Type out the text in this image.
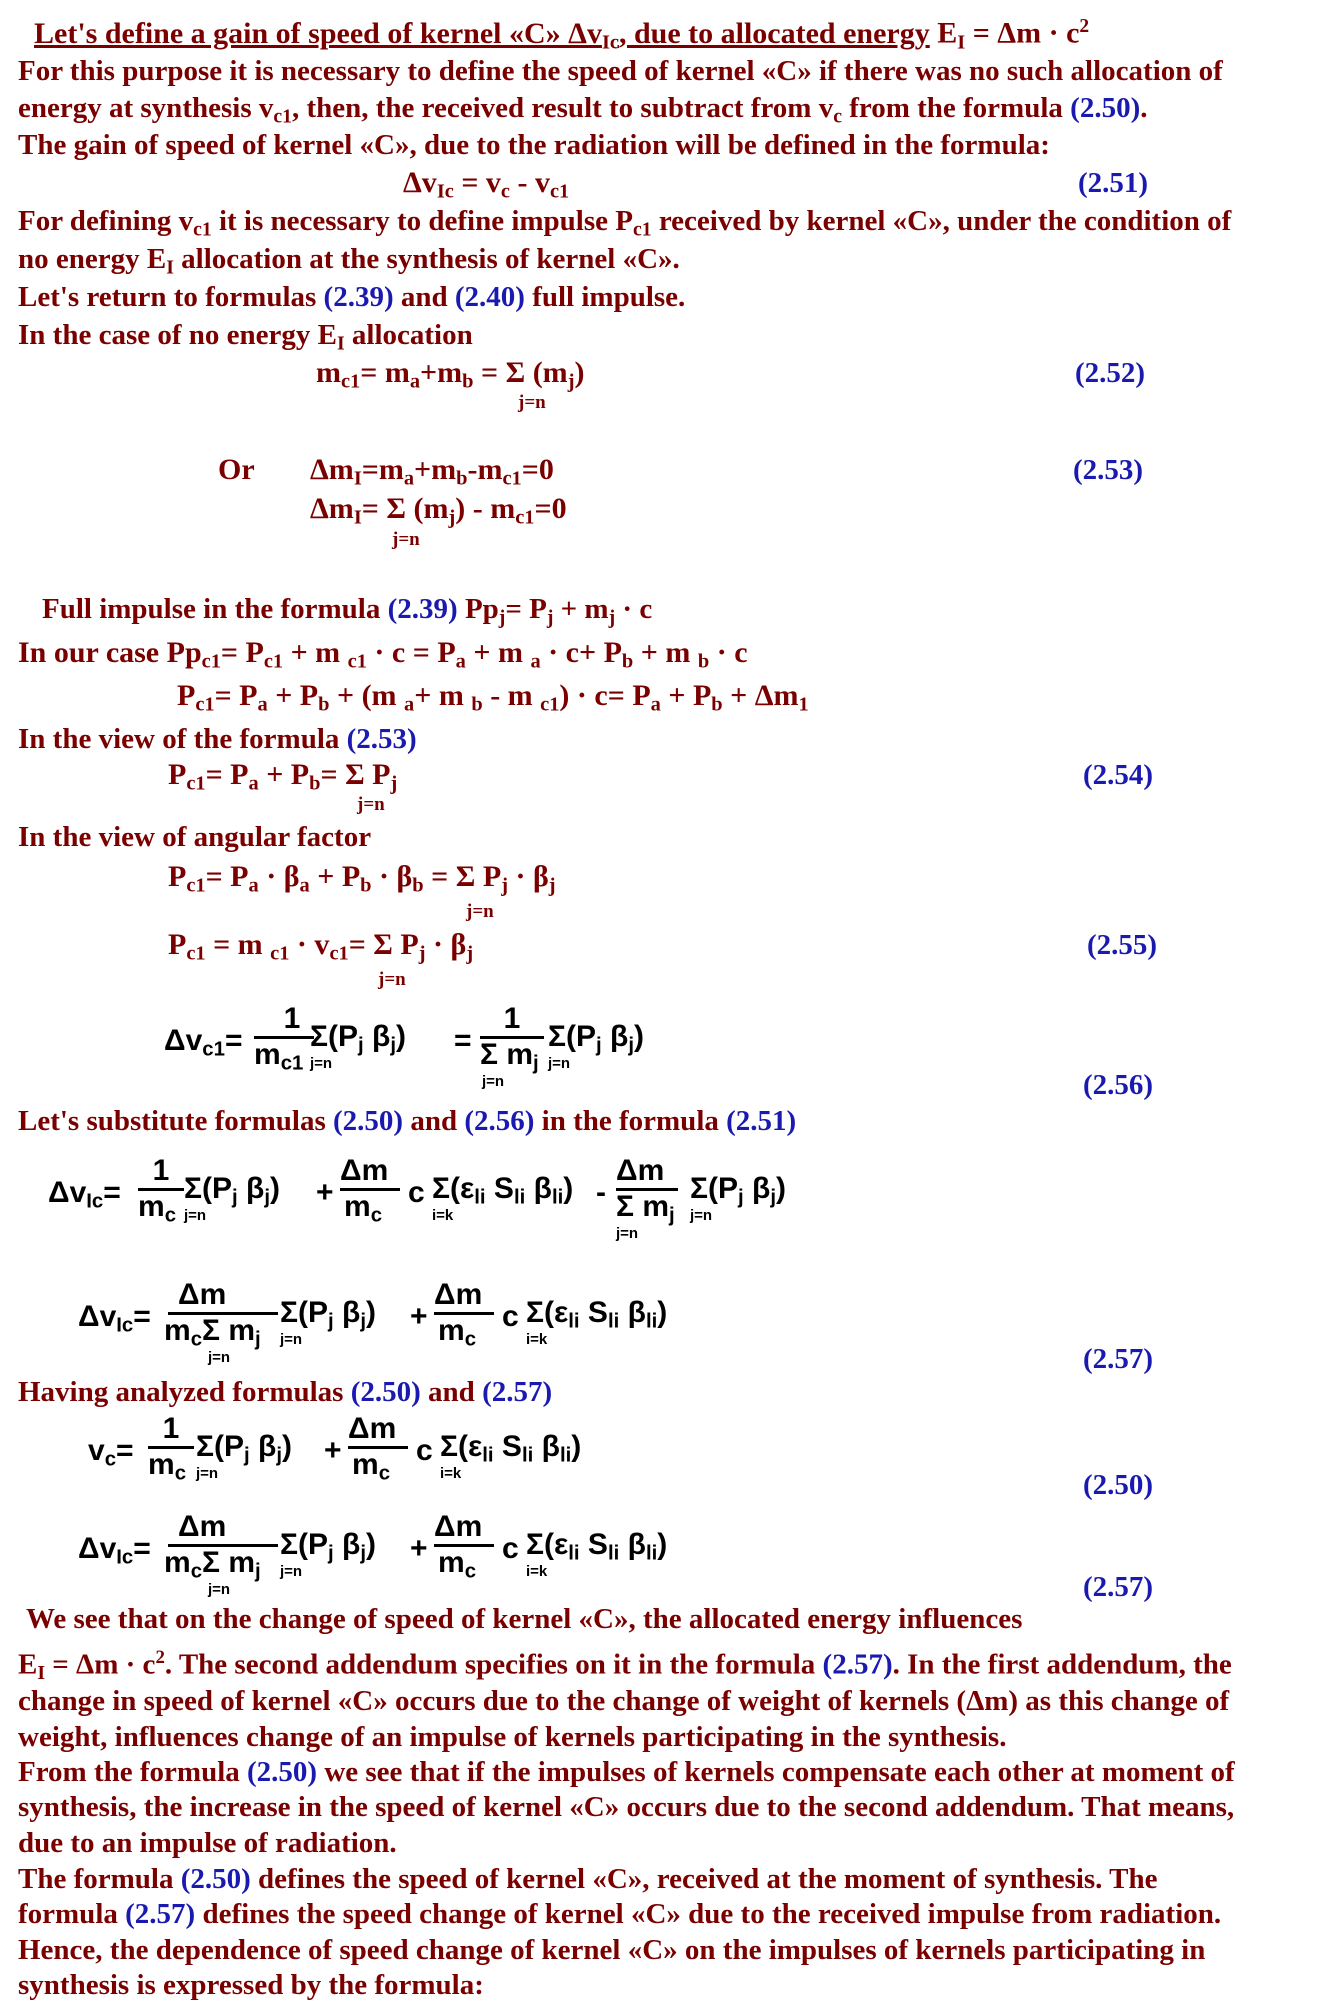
Let's define a gain of speed of kernel «C» $\Delta v_{Ic}$, due to allocated energy $E_I = \Delta m \cdot c^2$
For this purpose it is necessary to define the speed of kernel «C» if there was no such allocation of
energy at synthesis $v_{c1}$, then, the received result to subtract from $v_c$ from the formula (2.50).
The gain of speed of kernel «C», due to the radiation will be defined in the formula:
$\Delta v_{Ic} = v_c - v_{c1}$	(2.51)
For defining $v_{c1}$ it is necessary to define impulse $P_{c1}$ received by kernel «C», under the condition of
no energy $E_I$ allocation at the synthesis of kernel «C».
Let's return to formulas (2.39) and (2.40) full impulse.
In the case of no energy $E_I$ allocation
$m_{c1}= m_a+m_b = \Sigma$ $(m_j)$
j=n
(2.52)
Or $\Delta m_I=m_a+m_b-m_{c1}=0$
$\Delta m_I= \Sigma$ $(m_j) - m_{c1}=0$
j=n
(2.53)
Full impulse in the formula (2.39) $Pp_j= P_j + m_j \cdot c$
In our case $Pp_{c1}= P_{c1} + m$ $_{c1} \cdot c = P_a + m$ $_a \cdot c+ P_b + m$ $_b$ · c
$P_{c1}= P_a + P_b + (m$ $_a$+ m $_b$ - m $_{c1}) \cdot c= P_a + P_b + \Delta m_1$
In the view of the formula (2.53)
$P_{c1}= P_a + P_b= \Sigma$ $P_j$
j=n
(2.54)
In the view of angular factor
$P_{c1}= P_a \cdot \beta_a + P_b \cdot \beta_b = \Sigma$ $P_j \cdot \beta_j$
j=n
$P_{c1} = m$ $_{c1} \cdot v_{c1}= \Sigma$ $P_j \cdot \beta_j$
j=n
(2.55)
$\Delta v_{c1}=$
1
$m_{c1}$
$\Sigma(P_j$ $\beta_j$)
j=n
=
1
Σ $m_j$
j=n
$\Sigma(P_j$ $\beta_j$)
j=n
(2.56)
Let's substitute formulas (2.50) and (2.56) in the formula (2.51)
$\Delta v_{Ic}=$
1
$m_c$
$\Sigma(P_j$ $\beta_j$)
j=n
+
Δm
$m_c$
c $\Sigma(\varepsilon_{li}$ $S_{li}$ $\beta_{li}$)
i=k
-
Δm
Σ $m_j$
j=n
$\Sigma(P_j$ $\beta_j$)
j=n
$\Delta v_{Ic}=$
Δm
$m_c\Sigma$ $m_j$
j=n
$\Sigma(P_j$ $\beta_j$)
j=n
+
Δm
$m_c$
c $\Sigma(\varepsilon_{li}$ $S_{li}$ $\beta_{li}$)
i=k
(2.57)
Having analyzed formulas (2.50) and (2.57)
$v_c=$
1
$m_c$
$\Sigma(P_j$ $\beta_j$)
j=n
+
Δm
$m_c$
c $\Sigma(\varepsilon_{li}$ $S_{li}$ $\beta_{li}$)
i=k	(2.50)
$\Delta v_{Ic}=$
Δm
$m_c\Sigma$ $m_j$
j=n
$\Sigma(P_j$ $\beta_j$)
j=n
+
Δm
$m_c$
c $\Sigma(\varepsilon_{li}$ $S_{li}$ $\beta_{li}$)
i=k	(2.57)
We see that on the change of speed of kernel «C», the allocated energy influences
$E_I = \Delta m \cdot c^2$. The second addendum specifies on it in the formula (2.57). In the first addendum, the
change in speed of kernel «C» occurs due to the change of weight of kernels (Δm) as this change of
weight, influences change of an impulse of kernels participating in the synthesis.
From the formula (2.50) we see that if the impulses of kernels compensate each other at moment of
synthesis, the increase in the speed of kernel «C» occurs due to the second addendum. That means,
due to an impulse of radiation.
The formula (2.50) defines the speed of kernel «C», received at the moment of synthesis. The
formula (2.57) defines the speed change of kernel «C» due to the received impulse from radiation.
Hence, the dependence of speed change of kernel «C» on the impulses of kernels participating in
synthesis is expressed by the formula:
